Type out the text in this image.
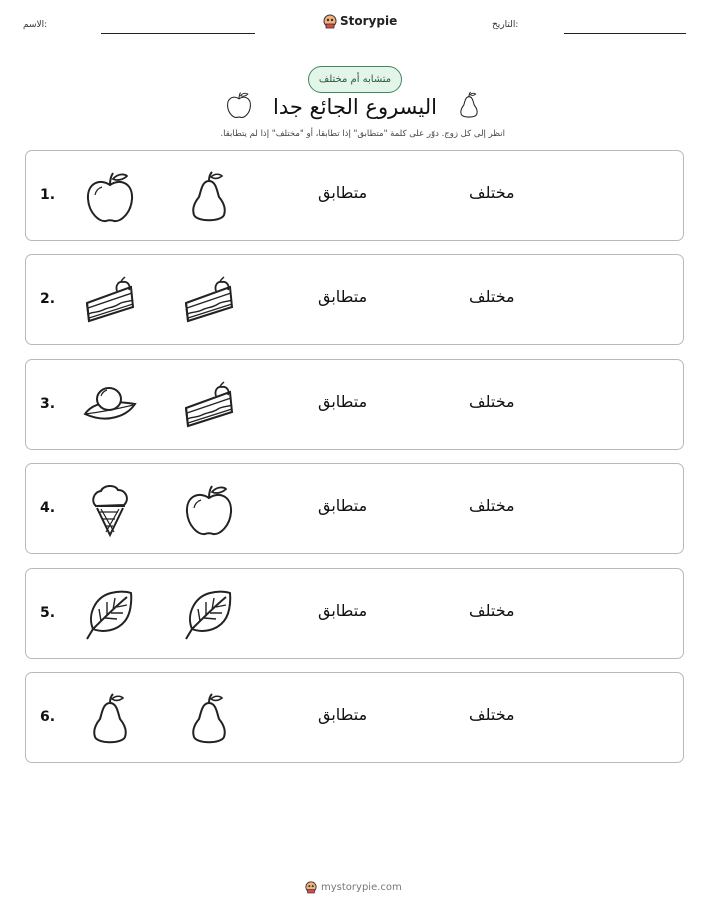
الاسم:	Storypie	التاريخ:
متشابه أم مختلف
اليسروع الجائع جدا
انظر إلى كل زوج. دوّر على كلمة "متطابق" إذا تطابقا، أو "مختلف" إذا لم يتطابقا.
1.	متطابق	مختلف
2.	متطابق	مختلف
3.	متطابق	مختلف
4.	متطابق	مختلف
5.	متطابق	مختلف
6.	متطابق	مختلف
mystorypie.com
